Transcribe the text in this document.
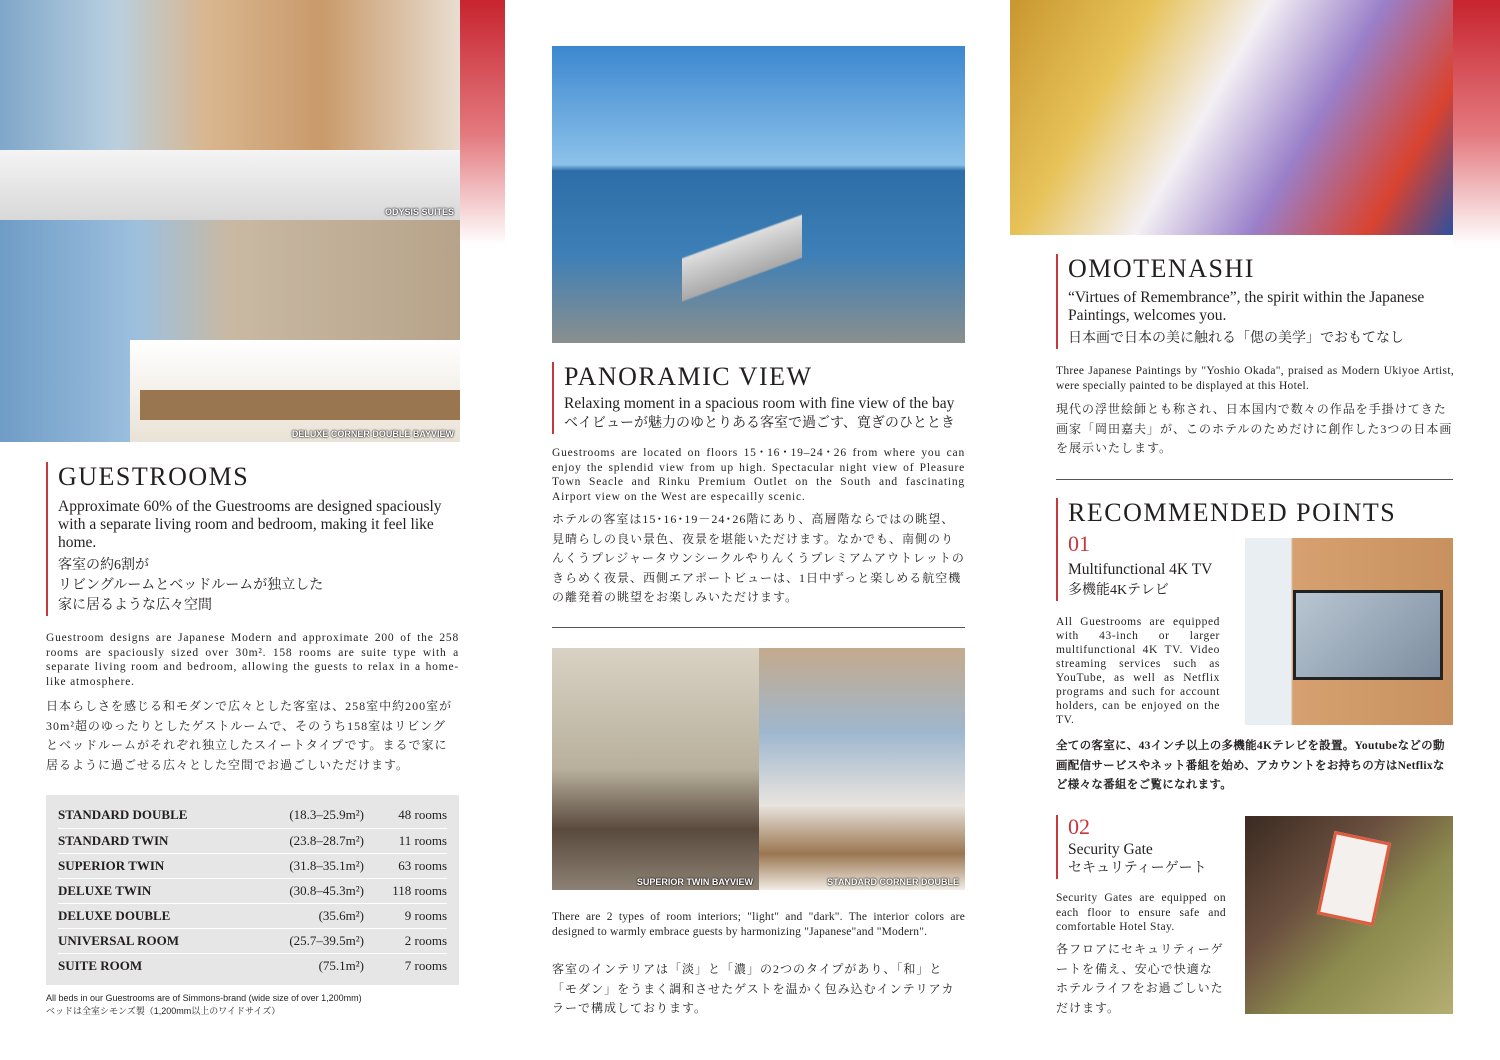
ODYSIS SUITES
DELUXE CORNER DOUBLE BAYVIEW
GUESTROOMS
Approximate 60% of the Guestrooms are designed spaciously with a separate living room and bedroom, making it feel like home.
客室の約6割が
リビングルームとベッドルームが独立した
家に居るような広々空間
Guestroom designs are Japanese Modern and approximate 200 of the 258 rooms are spaciously sized over 30m². 158 rooms are suite type with a separate living room and bedroom, allowing the guests to relax in a home-like atmosphere.
日本らしさを感じる和モダンで広々とした客室は、258室中約200室が30m²超のゆったりとしたゲストルームで、そのうち158室はリビングとベッドルームがそれぞれ独立したスイートタイプです。まるで家に居るように過ごせる広々とした空間でお過ごしいただけます。
STANDARD DOUBLE	(18.3–25.9m²)	48 rooms
STANDARD TWIN	(23.8–28.7m²)	11 rooms
SUPERIOR TWIN	(31.8–35.1m²)	63 rooms
DELUXE TWIN	(30.8–45.3m²)	118 rooms
DELUXE DOUBLE	(35.6m²)	9 rooms
UNIVERSAL ROOM	(25.7–39.5m²)	2 rooms
SUITE ROOM	(75.1m²)	7 rooms
All beds in our Guestrooms are of Simmons-brand (wide size of over 1,200mm)
ベッドは全室シモンズ製（1,200mm以上のワイドサイズ）
PANORAMIC VIEW
Relaxing moment in a spacious room with fine view of the bay
ベイビューが魅力のゆとりある客室で過ごす、寛ぎのひととき
Guestrooms are located on floors 15･16･19–24･26 from where you can enjoy the splendid view from up high. Spectacular night view of Pleasure Town Seacle and Rinku Premium Outlet on the South and fascinating Airport view on the West are especailly scenic.
ホテルの客室は15･16･19－24･26階にあり、高層階ならではの眺望、見晴らしの良い景色、夜景を堪能いただけます。なかでも、南側のりんくうプレジャータウンシークルやりんくうプレミアムアウトレットのきらめく夜景、西側エアポートビューは、1日中ずっと楽しめる航空機の離発着の眺望をお楽しみいただけます。
SUPERIOR TWIN BAYVIEW	STANDARD CORNER DOUBLE
There are 2 types of room interiors; "light" and "dark". The interior colors are designed to warmly embrace guests by harmonizing "Japanese"and "Modern".
客室のインテリアは「淡」と「濃」の2つのタイプがあり、「和」と「モダン」をうまく調和させたゲストを温かく包み込むインテリアカラーで構成しております。
OMOTENASHI
“Virtues of Remembrance”, the spirit within the Japanese Paintings, welcomes you.
日本画で日本の美に触れる「偲の美学」でおもてなし
Three Japanese Paintings by "Yoshio Okada", praised as Modern Ukiyoe Artist, were specially painted to be displayed at this Hotel.
現代の浮世絵師とも称され、日本国内で数々の作品を手掛けてきた画家「岡田嘉夫」が、このホテルのためだけに創作した3つの日本画を展示いたします。
RECOMMENDED POINTS
01
Multifunctional 4K TV
多機能4Kテレビ
All Guestrooms are equipped with 43-inch or larger multifunctional 4K TV. Video streaming services such as YouTube, as well as Netflix programs and such for account holders, can be enjoyed on the TV.
全ての客室に、43インチ以上の多機能4Kテレビを設置。Youtubeなどの動画配信サービスやネット番組を始め、アカウントをお持ちの方はNetflixなど様々な番組をご覧になれます。
02
Security Gate
セキュリティーゲート
Security Gates are equipped on each floor to ensure safe and comfortable Hotel Stay.
各フロアにセキュリティーゲートを備え、安心で快適なホテルライフをお過ごしいただけます。
